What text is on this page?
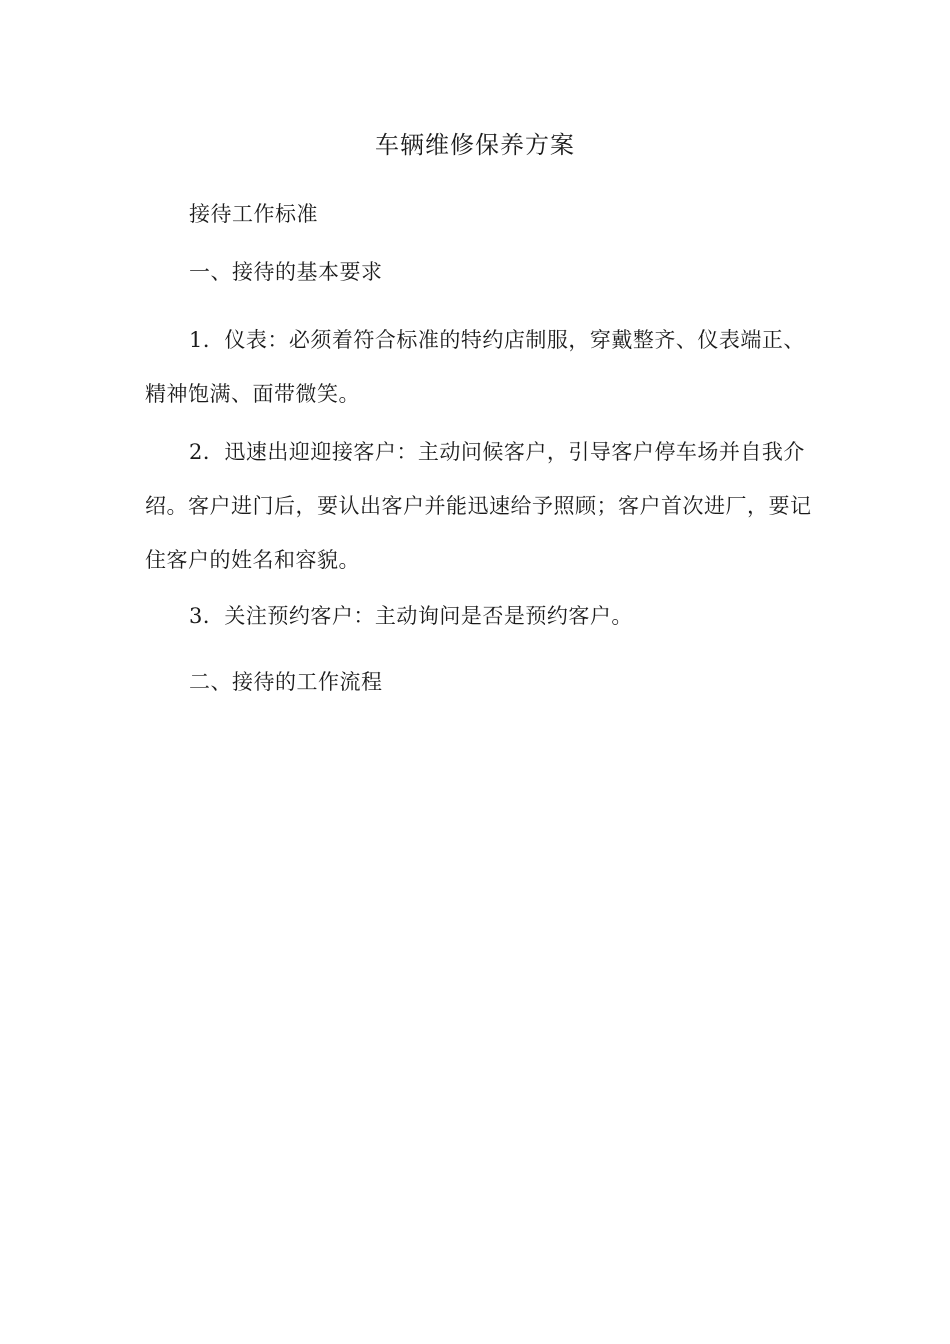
车辆维修保养方案

接待工作标准

一、接待的基本要求

1．仪表：必须着符合标准的特约店制服，穿戴整齐、仪表端正、精神饱满、面带微笑。

2．迅速出迎迎接客户：主动问候客户，引导客户停车场并自我介绍。客户进门后，要认出客户并能迅速给予照顾；客户首次进厂，要记住客户的姓名和容貌。

3．关注预约客户：主动询问是否是预约客户。

二、接待的工作流程
